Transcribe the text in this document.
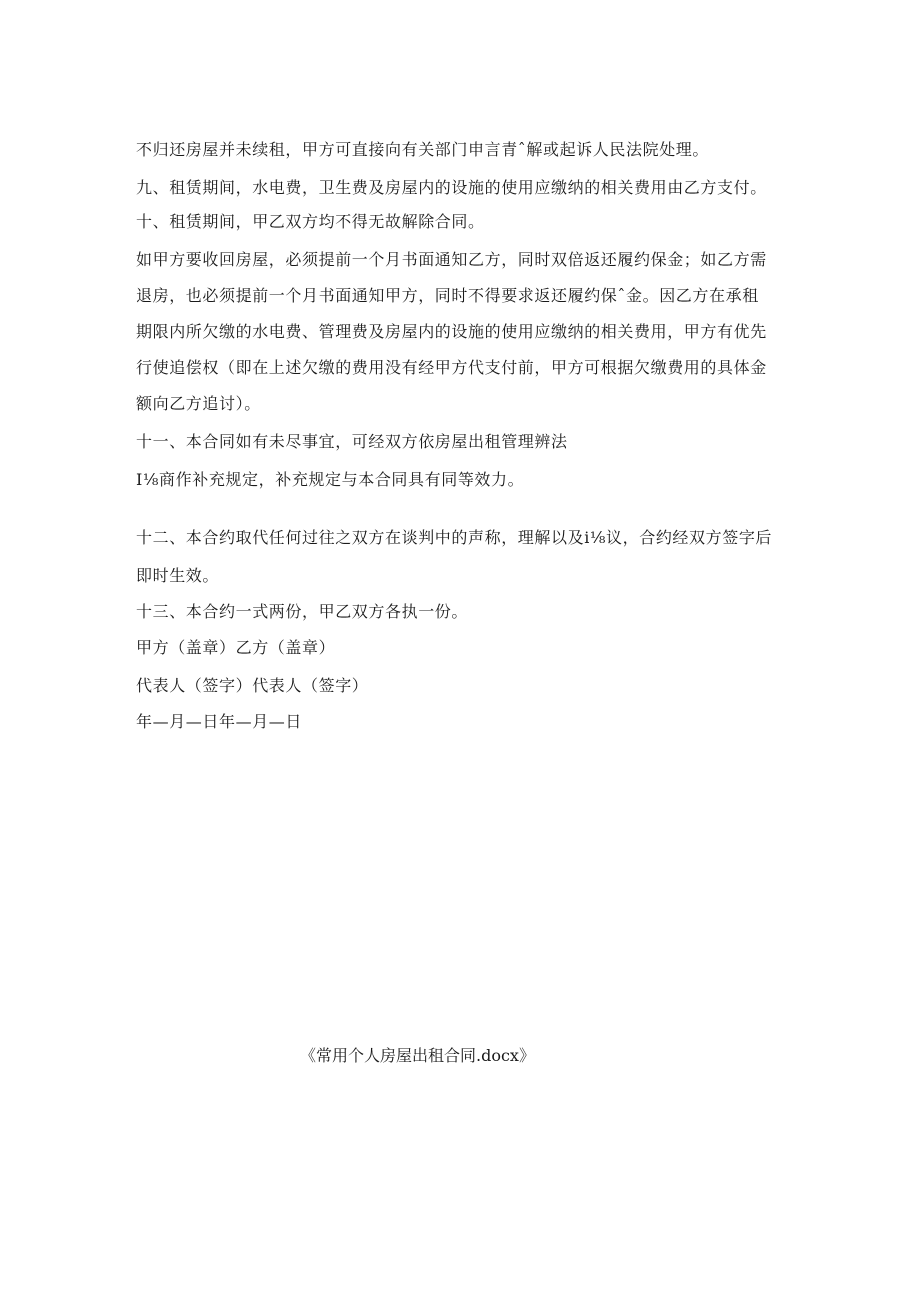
不归还房屋并未续租，甲方可直接向有关部门申言青ˆ解或起诉人民法院处理。
九、租赁期间，水电费，卫生费及房屋内的设施的使用应缴纳的相关费用由乙方支付。
十、租赁期间，甲乙双方均不得无故解除合同。
如甲方要收回房屋，必须提前一个月书面通知乙方，同时双倍返还履约保金；如乙方需
退房，也必须提前一个月书面通知甲方，同时不得要求返还履约保ˆ金。因乙方在承租
期限内所欠缴的水电费、管理费及房屋内的设施的使用应缴纳的相关费用，甲方有优先
行使追偿权（即在上述欠缴的费用没有经甲方代支付前，甲方可根据欠缴费用的具体金
额向乙方追讨）。
十一、本合同如有未尽事宜，可经双方依房屋出租管理辨法
I⅛商作补充规定，补充规定与本合同具有同等效力。
十二、本合约取代任何过往之双方在谈判中的声称，理解以及i⅛议，合约经双方签字后
即时生效。
十三、本合约一式两份，甲乙双方各执一份。
甲方（盖章）乙方（盖章）
代表人（签字）代表人（签字）
年—月—日年—月—日
《常用个人房屋出租合同.docx》
